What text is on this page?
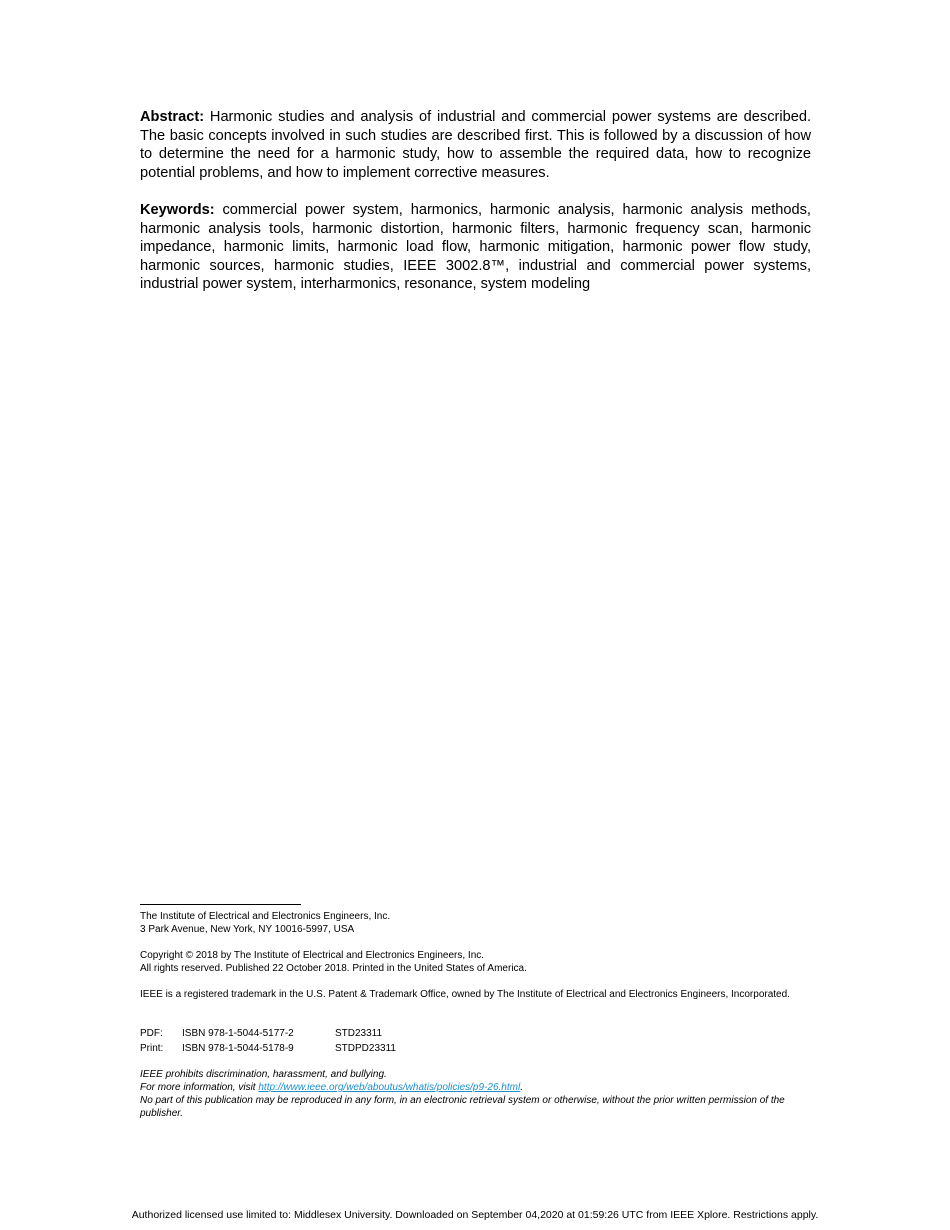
Abstract: Harmonic studies and analysis of industrial and commercial power systems are described. The basic concepts involved in such studies are described first. This is followed by a discussion of how to determine the need for a harmonic study, how to assemble the required data, how to recognize potential problems, and how to implement corrective measures.

Keywords: commercial power system, harmonics, harmonic analysis, harmonic analysis methods, harmonic analysis tools, harmonic distortion, harmonic filters, harmonic frequency scan, harmonic impedance, harmonic limits, harmonic load flow, harmonic mitigation, harmonic power flow study, harmonic sources, harmonic studies, IEEE 3002.8™, industrial and commercial power systems, industrial power system, interharmonics, resonance, system modeling

The Institute of Electrical and Electronics Engineers, Inc.
3 Park Avenue, New York, NY 10016-5997, USA
Copyright © 2018 by The Institute of Electrical and Electronics Engineers, Inc.
All rights reserved. Published 22 October 2018. Printed in the United States of America.
IEEE is a registered trademark in the U.S. Patent & Trademark Office, owned by The Institute of Electrical and Electronics Engineers, Incorporated.
PDF:	ISBN 978-1-5044-5177-2	STD23311
Print:	ISBN 978-1-5044-5178-9	STDPD23311
IEEE prohibits discrimination, harassment, and bullying.
For more information, visit http://www.ieee.org/web/aboutus/whatis/policies/p9-26.html.
No part of this publication may be reproduced in any form, in an electronic retrieval system or otherwise, without the prior written permission of the publisher.
Authorized licensed use limited to: Middlesex University. Downloaded on September 04,2020 at 01:59:26 UTC from IEEE Xplore. Restrictions apply.
